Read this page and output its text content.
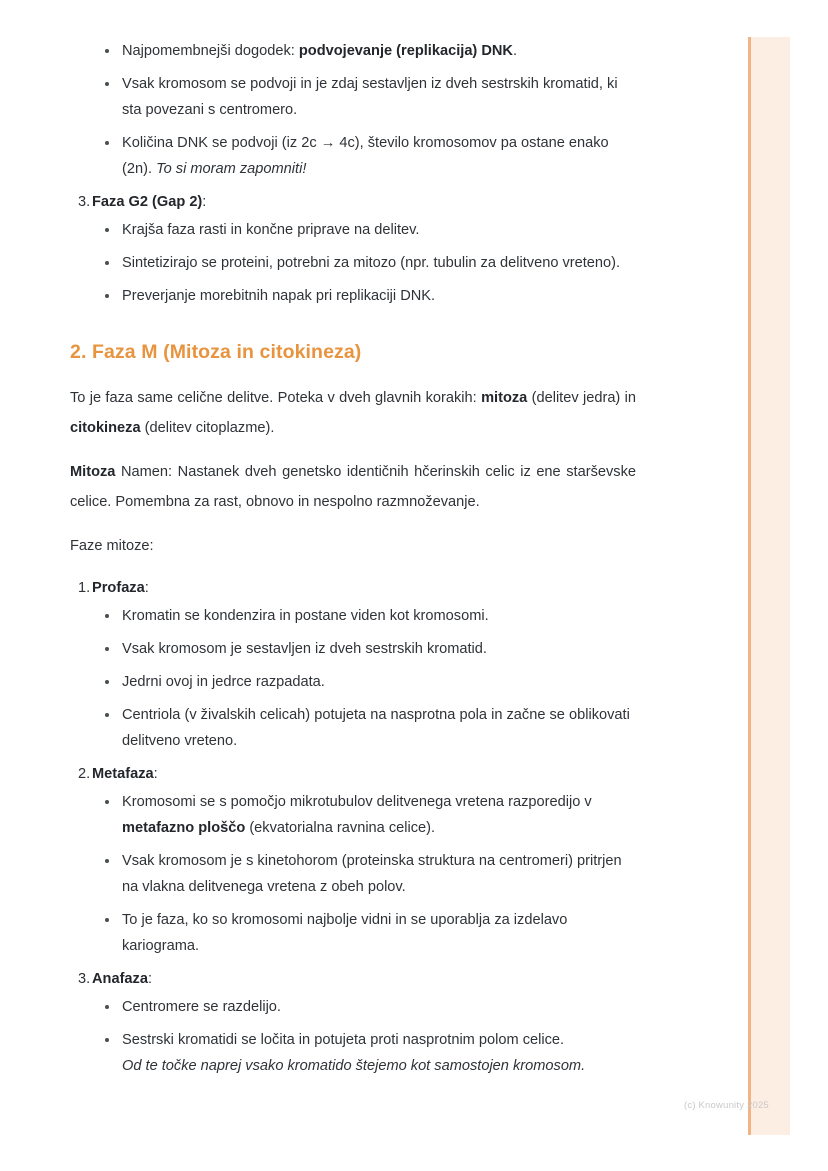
Najpomembnejši dogodek: podvojevanje (replikacija) DNK.
Vsak kromosom se podvoji in je zdaj sestavljen iz dveh sestrskih kromatid, ki sta povezani s centromero.
Količina DNK se podvoji (iz 2c → 4c), število kromosomov pa ostane enako (2n). To si moram zapomniti!
3. Faza G2 (Gap 2):
Krajša faza rasti in končne priprave na delitev.
Sintetizirajo se proteini, potrebni za mitozo (npr. tubulin za delitveno vreteno).
Preverjanje morebitnih napak pri replikaciji DNK.
2. Faza M (Mitoza in citokineza)

To je faza same celične delitve. Poteka v dveh glavnih korakih: mitoza (delitev jedra) in citokineza (delitev citoplazme).

Mitoza Namen: Nastanek dveh genetsko identičnih hčerinskih celic iz ene starševske celice. Pomembna za rast, obnovo in nespolno razmnoževanje.

Faze mitoze:

1. Profaza:
Kromatin se kondenzira in postane viden kot kromosomi.
Vsak kromosom je sestavljen iz dveh sestrskih kromatid.
Jedrni ovoj in jedrce razpadata.
Centriola (v živalskih celicah) potujeta na nasprotna pola in začne se oblikovati delitveno vreteno.
2. Metafaza:
Kromosomi se s pomočjo mikrotubulov delitvenega vretena razporedijo v metafazno ploščo (ekvatorialna ravnina celice).
Vsak kromosom je s kinetohorom (proteinska struktura na centromeri) pritrjen na vlakna delitvenega vretena z obeh polov.
To je faza, ko so kromosomi najbolje vidni in se uporablja za izdelavo kariograma.
3. Anafaza:
Centromere se razdelijo.
Sestrski kromatidi se ločita in potujeta proti nasprotnim polom celice.
Od te točke naprej vsako kromatido štejemo kot samostojen kromosom.
(c) Knowunity 2025
